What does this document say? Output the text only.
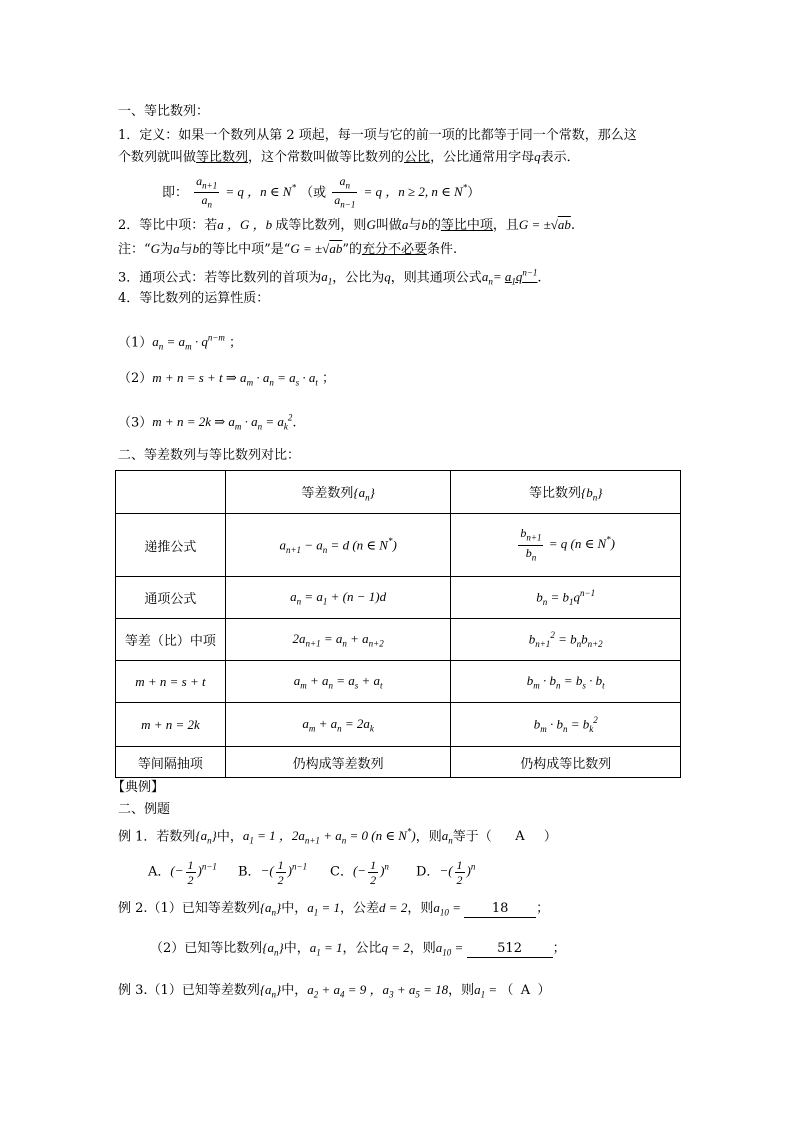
一、等比数列：
1．定义：如果一个数列从第 2 项起，每一项与它的前一项的比都等于同一个常数，那么这
个数列就叫做等比数列，这个常数叫做等比数列的公比，公比通常用字母q表示．
即： $\frac{a_{n+1}}{a_n} = q$ ，n ∈ N* （或 $\frac{a_n}{a_{n-1}} = q$ ，n ≥ 2, n ∈ N*）
2．等比中项：若a ，G ，b 成等比数列，则G叫做a与b的等比中项，且G = ±√ab.
注：“G为a与b的等比中项”是“G = ±√ab”的充分不必要条件.
3．通项公式：若等比数列的首项为$a_1$，公比为q，则其通项公式$a_n= a_1q^{n-1}$.
4．等比数列的运算性质：
$(1)a_n = a_m \cdot q^{n-m}$ ；
（2）m + n = s + t ⇒ $a_m \cdot a_n = a_s \cdot a_t$ ；
（3）m + n = 2k ⇒ $a_m \cdot a_n = a_k^2$.
二、等差数列与等比数列对比：
	等差数列$\{a_n\}$	等比数列$\{b_n\}$
递推公式	$a_{n+1} - a_n = d$ (n ∈ N*)	$\frac{b_{n+1}}{b_n} = q$ (n ∈ N*)
通项公式	$a_n = a_1 + (n - 1)d$	$b_n = b_1q^{n-1}$
等差（比）中项	$2a_{n+1} = a_n + a_{n+2}$	$b_{n+1}^2 = b_nb_{n+2}$
m + n = s + t	$a_m + a_n = a_s + a_t$	$b_m \cdot b_n = b_s \cdot b_t$
m + n = 2k	$a_m + a_n = 2a_k$	$b_m \cdot b_n = b_k^2$
等间隔抽项	仍构成等差数列	仍构成等比数列
【典例】
二、例题
例 1．若数列$\{a_n\}$中，$a_1 = 1$ ，$2a_{n+1} + a_n = 0$ (n ∈ N*)，则$a_n$等于（ A ）
A．(− $\frac{1}{2} )^{n-1}$ B．−( $\frac{1}{2} )^{n-1}$ C．(− $\frac{1}{2} )^n$ D．−( $\frac{1}{2} )^n$
例 2.（1）已知等差数列$\{a_n\}$中，$a_1 = 1$，公差d = 2，则$a_{10} = 18$ ；
（2）已知等比数列$\{a_n\}$中，$a_1 = 1$，公比q = 2，则$a_{10} = 512$ ；
例 3.（1）已知等差数列$\{a_n\}$中，$a_2 + a_4 = 9$ ，$a_3 + a_5 = 18$，则$a_1$ = （ A ）
